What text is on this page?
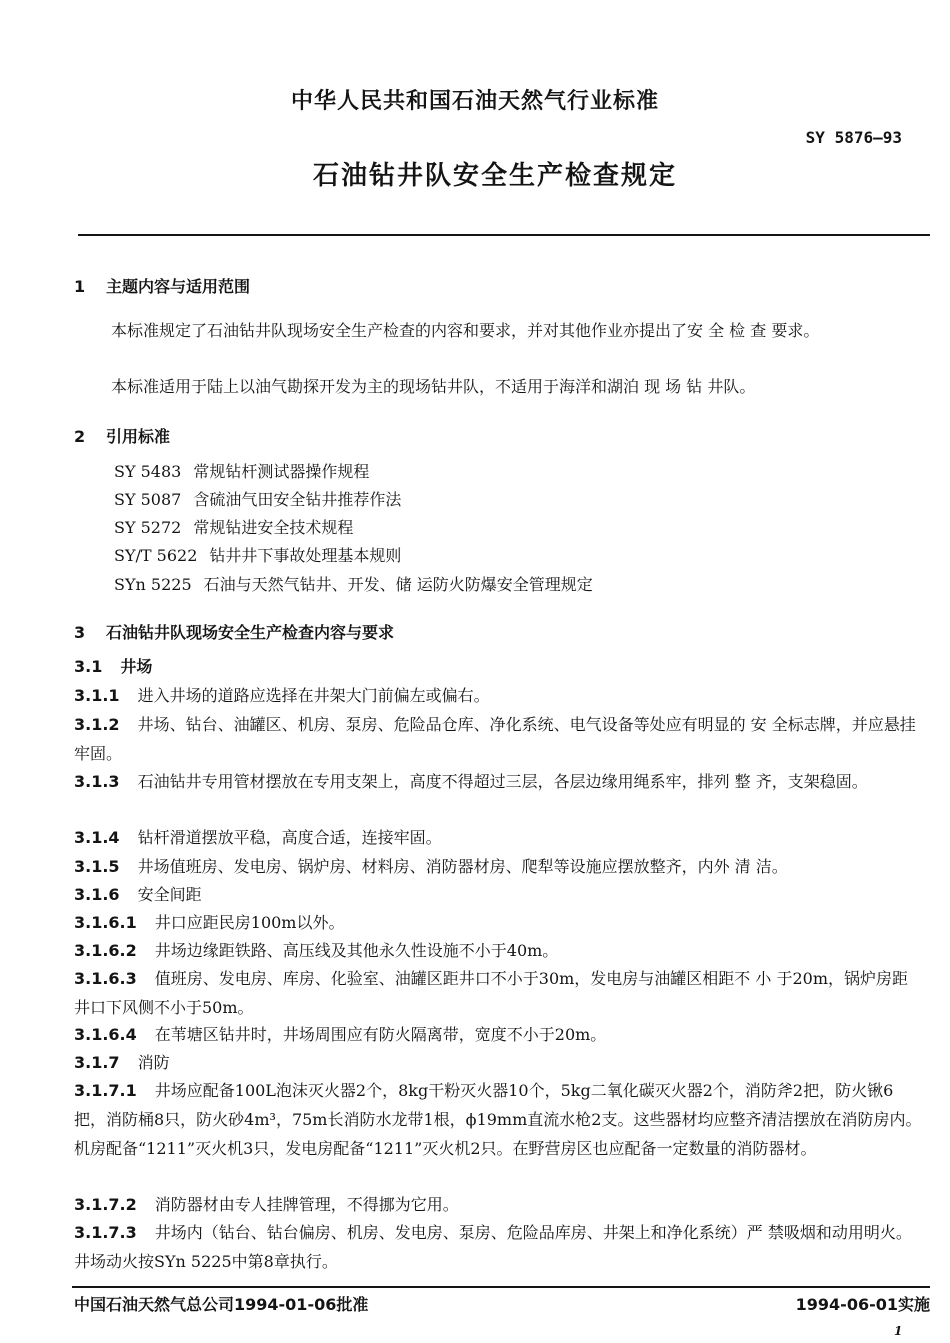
中华人民共和国石油天然气行业标准
SY 5876—93
石油钻井队安全生产检查规定
1 主题内容与适用范围
本标准规定了石油钻井队现场安全生产检查的内容和要求，并对其他作业亦提出了安 全 检 查 要求。
本标准适用于陆上以油气勘探开发为主的现场钻井队，不适用于海洋和湖泊 现 场 钻 井队。
2 引用标准
SY 5483 常规钻杆测试器操作规程
SY 5087 含硫油气田安全钻井推荐作法
SY 5272 常规钻进安全技术规程
SY/T 5622 钻井井下事故处理基本规则
SYn 5225 石油与天然气钻井、开发、储 运防火防爆安全管理规定
3 石油钻井队现场安全生产检查内容与要求
3.1 井场
3.1.1 进入井场的道路应选择在井架大门前偏左或偏右。
3.1.2 井场、钻台、油罐区、机房、泵房、危险品仓库、净化系统、电气设备等处应有明显的 安 全标志牌，并应悬挂牢固。
3.1.3 石油钻井专用管材摆放在专用支架上，高度不得超过三层，各层边缘用绳系牢，排列 整 齐，支架稳固。
3.1.4 钻杆滑道摆放平稳，高度合适，连接牢固。
3.1.5 井场值班房、发电房、锅炉房、材料房、消防器材房、爬犁等设施应摆放整齐，内外 清 洁。
3.1.6 安全间距
3.1.6.1 井口应距民房100m以外。
3.1.6.2 井场边缘距铁路、高压线及其他永久性设施不小于40m。
3.1.6.3 值班房、发电房、库房、化验室、油罐区距井口不小于30m，发电房与油罐区相距不 小 于20m，锅炉房距井口下风侧不小于50m。
3.1.6.4 在苇塘区钻井时，井场周围应有防火隔离带，宽度不小于20m。
3.1.7 消防
3.1.7.1 井场应配备100L泡沫灭火器2个，8kg干粉灭火器10个，5kg二氧化碳灭火器2个，消防斧2把，防火锹6把，消防桶8只，防火砂4m³，75m长消防水龙带1根，ϕ19mm直流水枪2支。这些器材均应整齐清洁摆放在消防房内。机房配备“1211”灭火机3只，发电房配备“1211”灭火机2只。在野营房区也应配备一定数量的消防器材。
3.1.7.2 消防器材由专人挂牌管理，不得挪为它用。
3.1.7.3 井场内（钻台、钻台偏房、机房、发电房、泵房、危险品库房、井架上和净化系统）严 禁吸烟和动用明火。井场动火按SYn 5225中第8章执行。
中国石油天然气总公司1994-01-06批准	1994-06-01实施
1
